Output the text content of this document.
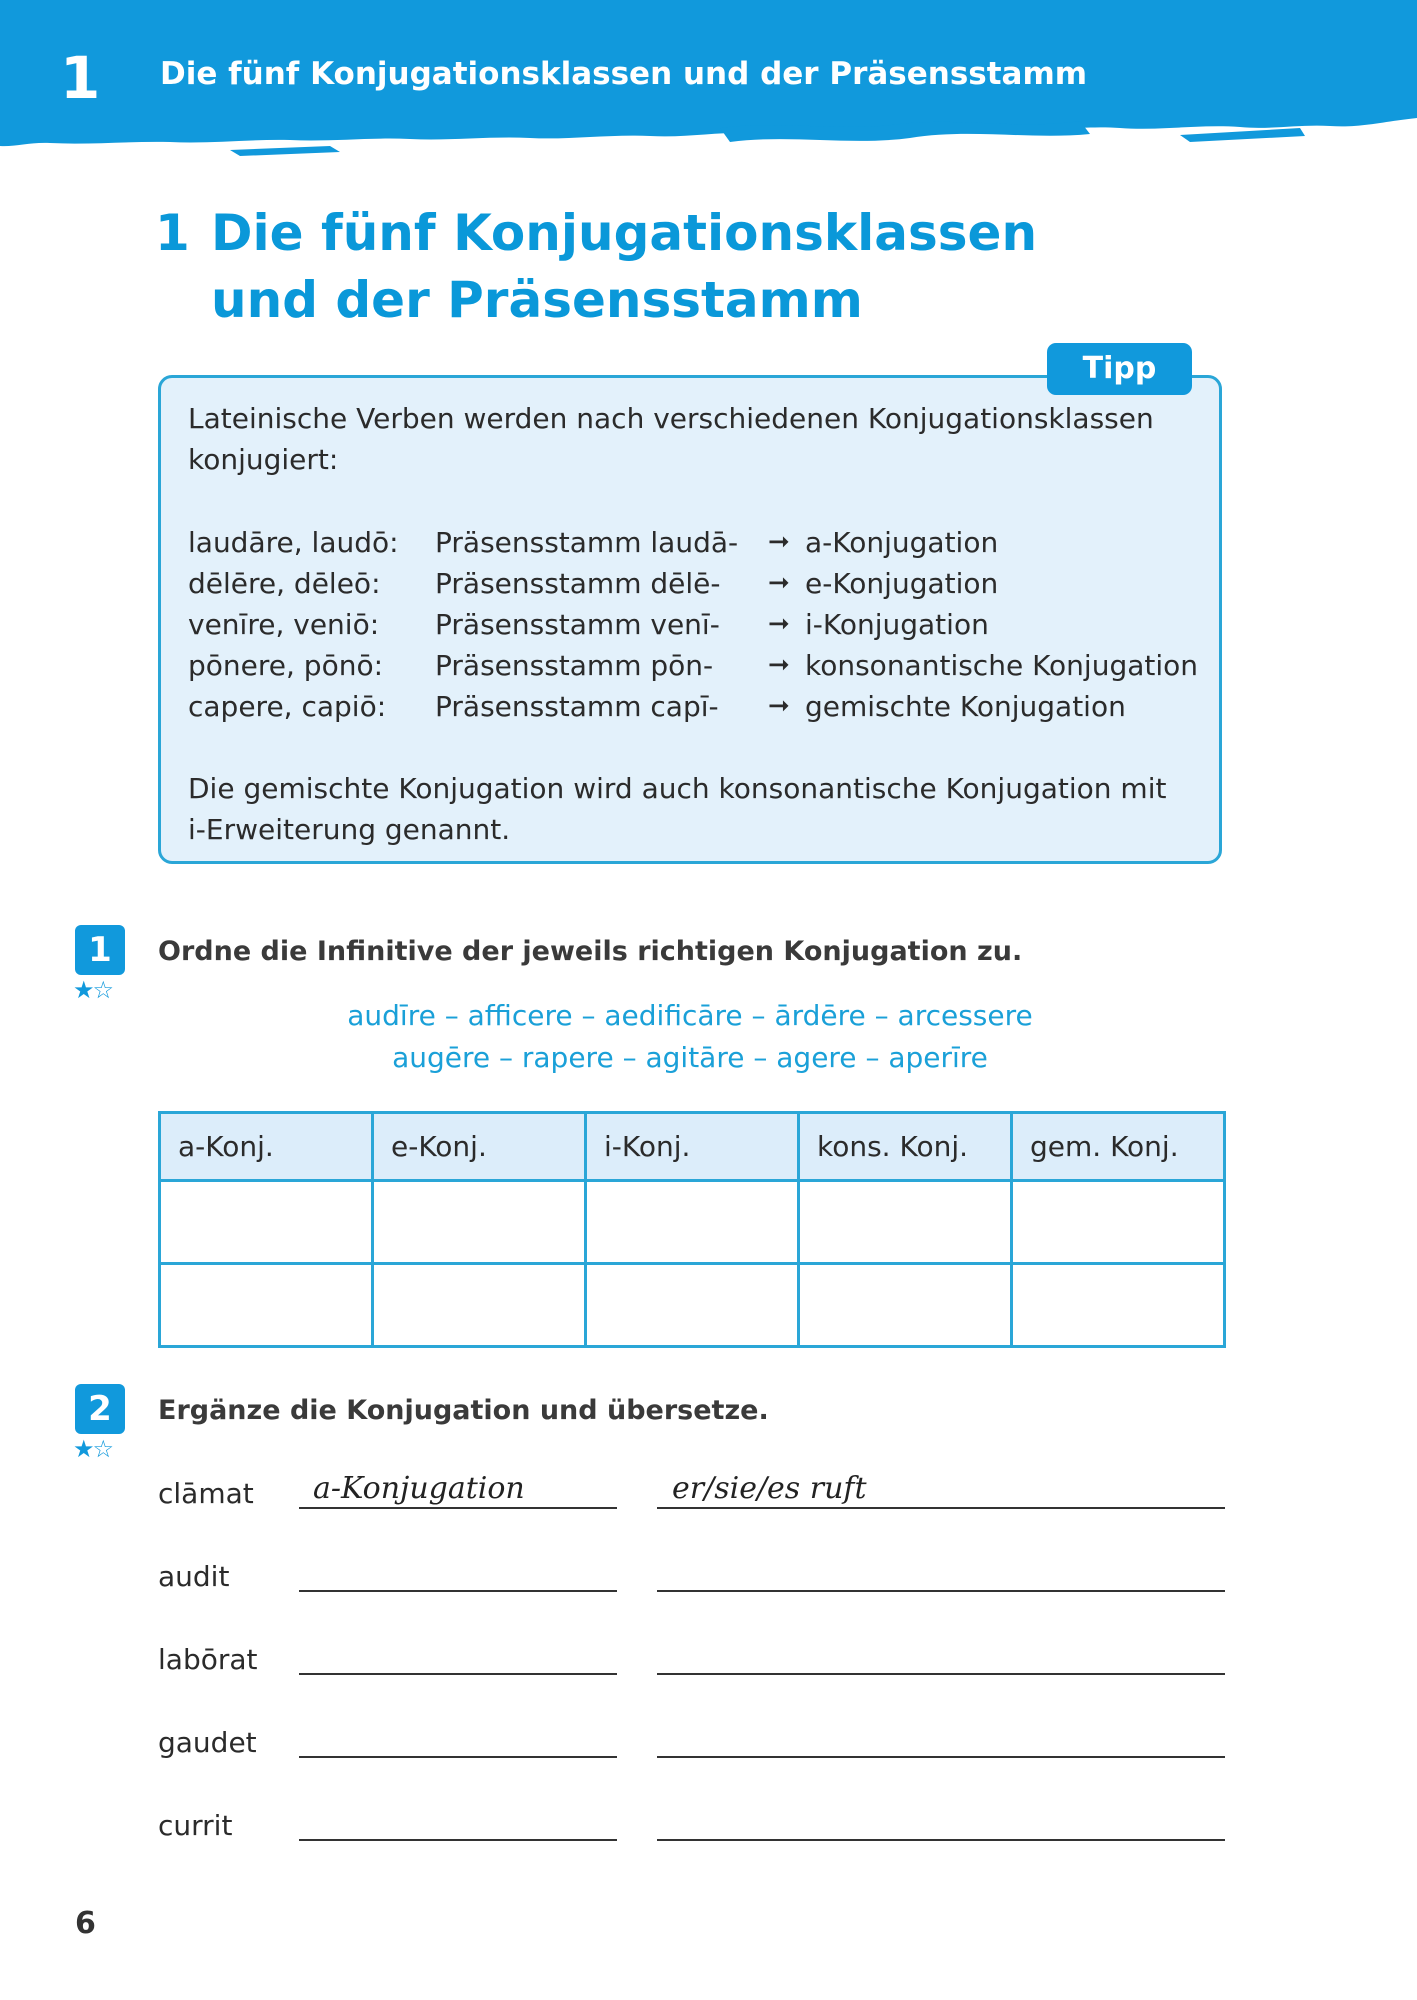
1 Die fünf Konjugationsklassen und der Präsensstamm
1 Die fünf Konjugationsklassen
und der Präsensstamm
Lateinische Verben werden nach verschiedenen Konjugationsklassen konjugiert:
laudāre, laudō: Präsensstamm laudā- ➞ a-Konjugation
dēlēre, dēleō: Präsensstamm dēlē- ➞ e-Konjugation
venīre, veniō: Präsensstamm venī- ➞ i-Konjugation
pōnere, pōnō: Präsensstamm pōn- ➞ konsonantische Konjugation
capere, capiō: Präsensstamm capī- ➞ gemischte Konjugation
Die gemischte Konjugation wird auch konsonantische Konjugation mit i-Erweiterung genannt.
Tipp
1
★☆
Ordne die Infinitive der jeweils richtigen Konjugation zu.
audīre – afficere – aedificāre – ārdēre – arcessere
augēre – rapere – agitāre – agere – aperīre
a-Konj.	e-Konj.	i-Konj.	kons. Konj.	gem. Konj.

2
★☆
Ergänze die Konjugation und übersetze.
clāmat a-Konjugation	er/sie/es ruft
audit
labōrat
gaudet
currit
6
